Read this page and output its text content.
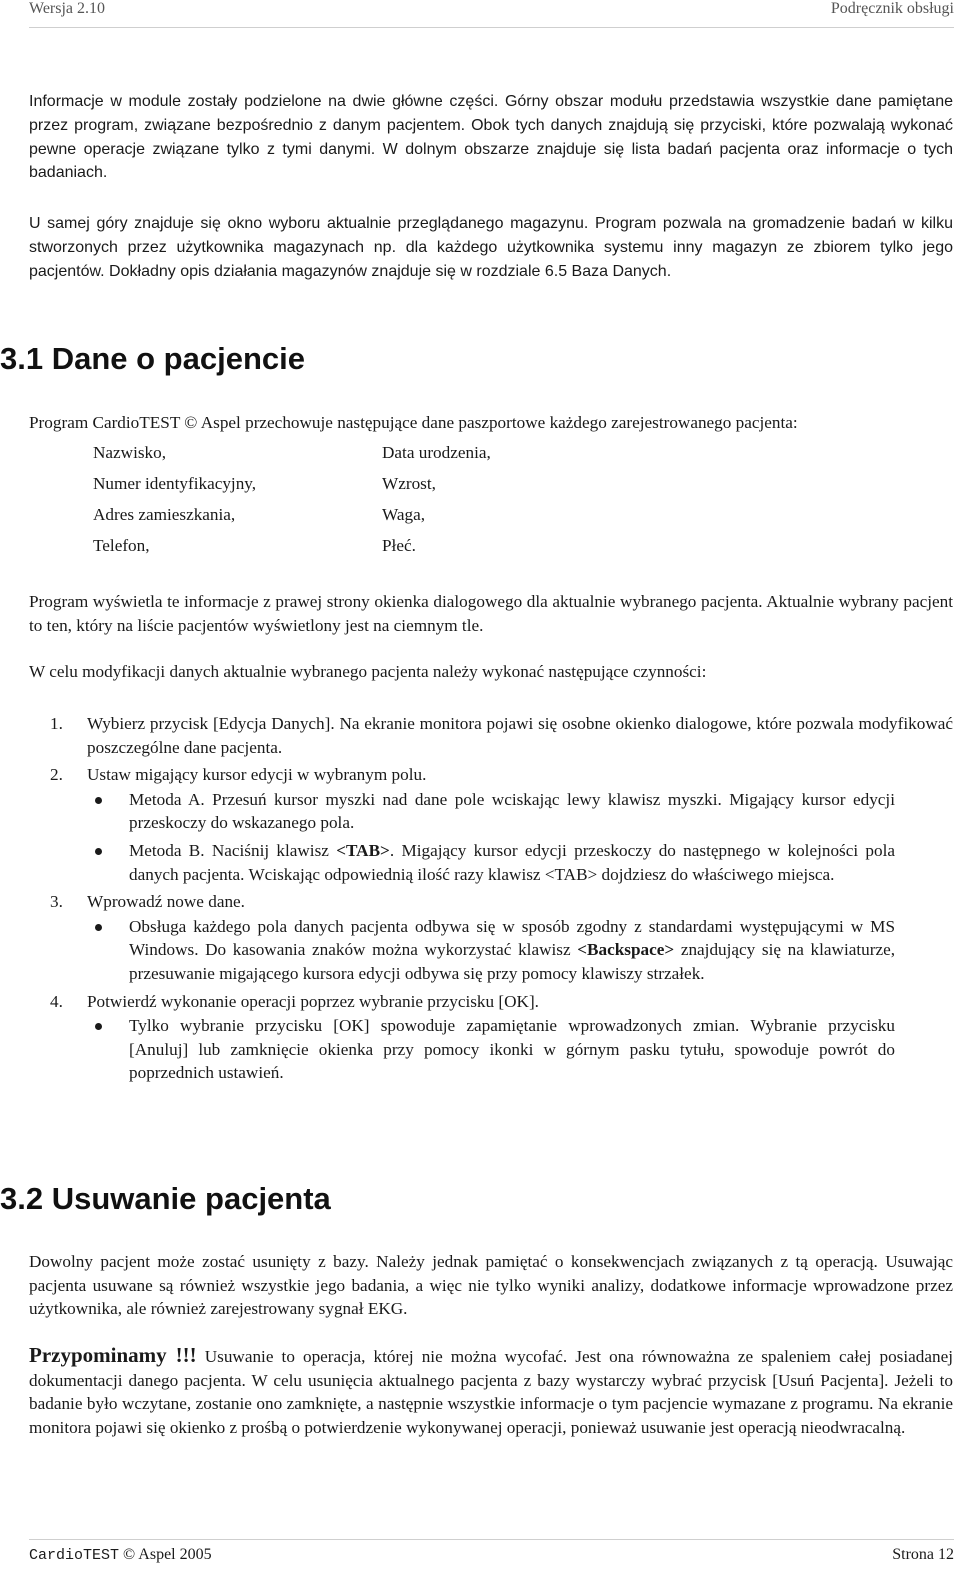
Wersja 2.10	Podręcznik obsługi

Informacje w module zostały podzielone na dwie główne części. Górny obszar modułu przedstawia wszystkie dane pamiętane przez program, związane bezpośrednio z danym pacjentem. Obok tych danych znajdują się przyciski, które pozwalają wykonać pewne operacje związane tylko z tymi danymi. W dolnym obszarze znajduje się lista badań pacjenta oraz informacje o tych badaniach.

U samej góry znajduje się okno wyboru aktualnie przeglądanego magazynu. Program pozwala na gromadzenie badań w kilku stworzonych przez użytkownika magazynach np. dla każdego użytkownika systemu inny magazyn ze zbiorem tylko jego pacjentów. Dokładny opis działania magazynów znajduje się w rozdziale 6.5 Baza Danych.

3.1 Dane o pacjencie

Program CardioTEST © Aspel przechowuje następujące dane paszportowe każdego zarejestrowanego pacjenta:

Nazwisko,	Data urodzenia,
Numer identyfikacyjny,	Wzrost,
Adres zamieszkania,	Waga,
Telefon,	Płeć.

Program wyświetla te informacje z prawej strony okienka dialogowego dla aktualnie wybranego pacjenta. Aktualnie wybrany pacjent to ten, który na liście pacjentów wyświetlony jest na ciemnym tle.

W celu modyfikacji danych aktualnie wybranego pacjenta należy wykonać następujące czynności:

1. Wybierz przycisk [Edycja Danych]. Na ekranie monitora pojawi się osobne okienko dialogowe, które pozwala modyfikować poszczególne dane pacjenta.
2. Ustaw migający kursor edycji w wybranym polu.
Metoda A. Przesuń kursor myszki nad dane pole wciskając lewy klawisz myszki. Migający kursor edycji przeskoczy do wskazanego pola.
Metoda B. Naciśnij klawisz <TAB>. Migający kursor edycji przeskoczy do następnego w kolejności pola danych pacjenta. Wciskając odpowiednią ilość razy klawisz <TAB> dojdziesz do właściwego miejsca.
3. Wprowadź nowe dane.
Obsługa każdego pola danych pacjenta odbywa się w sposób zgodny z standardami występującymi w MS Windows. Do kasowania znaków można wykorzystać klawisz <Backspace> znajdujący się na klawiaturze, przesuwanie migającego kursora edycji odbywa się przy pomocy klawiszy strzałek.
4. Potwierdź wykonanie operacji poprzez wybranie przycisku [OK].
Tylko wybranie przycisku [OK] spowoduje zapamiętanie wprowadzonych zmian. Wybranie przycisku [Anuluj] lub zamknięcie okienka przy pomocy ikonki w górnym pasku tytułu, spowoduje powrót do poprzednich ustawień.
3.2 Usuwanie pacjenta

Dowolny pacjent może zostać usunięty z bazy. Należy jednak pamiętać o konsekwencjach związanych z tą operacją. Usuwając pacjenta usuwane są również wszystkie jego badania, a więc nie tylko wyniki analizy, dodatkowe informacje wprowadzone przez użytkownika, ale również zarejestrowany sygnał EKG.

Przypominamy !!! Usuwanie to operacja, której nie można wycofać. Jest ona równoważna ze spaleniem całej posiadanej dokumentacji danego pacjenta. W celu usunięcia aktualnego pacjenta z bazy wystarczy wybrać przycisk [Usuń Pacjenta]. Jeżeli to badanie było wczytane, zostanie ono zamknięte, a następnie wszystkie informacje o tym pacjencie wymazane z programu. Na ekranie monitora pojawi się okienko z prośbą o potwierdzenie wykonywanej operacji, ponieważ usuwanie jest operacją nieodwracalną.

CardioTEST © Aspel 2005	Strona 12
